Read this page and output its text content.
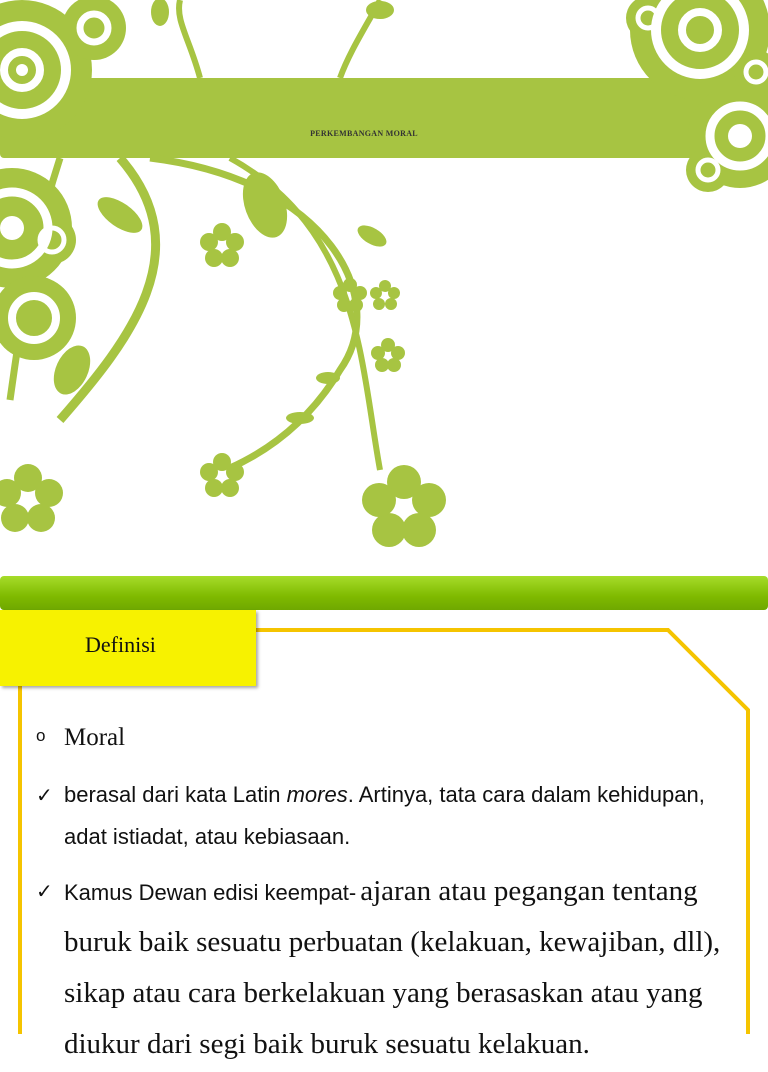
PERKEMBANGAN MORAL
Definisi
o Moral
✓ berasal dari kata Latin mores. Artinya, tata cara dalam kehidupan, adat istiadat, atau kebiasaan.
✓ Kamus Dewan edisi keempat- ajaran atau pegangan tentang buruk baik sesuatu perbuatan (kelakuan, kewajiban, dll), sikap atau cara berkelakuan yang berasaskan atau yang diukur dari segi baik buruk sesuatu kelakuan.
